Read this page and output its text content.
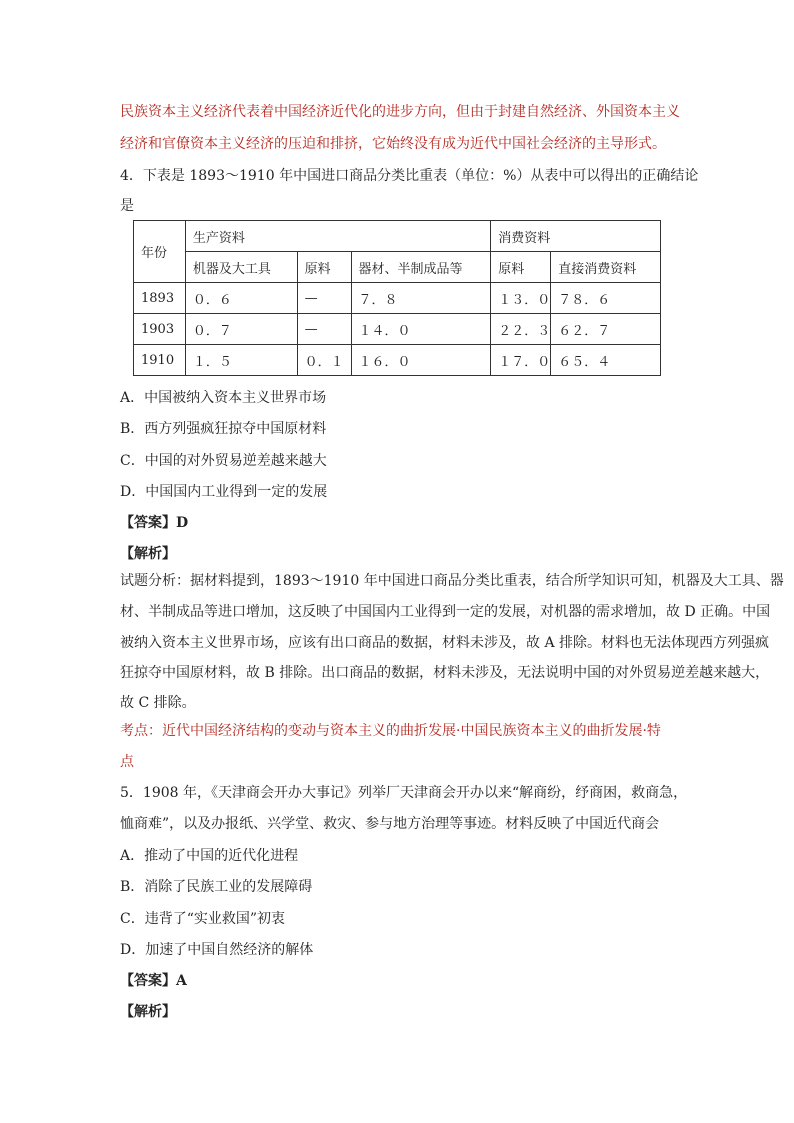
民族资本主义经济代表着中国经济近代化的进步方向，但由于封建自然经济、外国资本主义
经济和官僚资本主义经济的压迫和排挤，它始终没有成为近代中国社会经济的主导形式。
4．下表是 1893～1910 年中国进口商品分类比重表（单位：%）从表中可以得出的正确结论
是
年份	生产资料			消费资料	
	机器及大工具	原料	器材、半制成品等	原料	直接消费资料
1893	０．６	—	７．８	１３．０	７８．６
1903	０．７	—	１４．０	２２．３	６２．７
1910	１．５	０．１	１６．０	１７．０	６５．４
A．中国被纳入资本主义世界市场
B．西方列强疯狂掠夺中国原材料
C．中国的对外贸易逆差越来越大
D．中国国内工业得到一定的发展
【答案】D
【解析】
试题分析：据材料提到，1893～1910 年中国进口商品分类比重表，结合所学知识可知，机器及大工具、器
材、半制成品等进口增加，这反映了中国国内工业得到一定的发展，对机器的需求增加，故 D 正确。中国
被纳入资本主义世界市场，应该有出口商品的数据，材料未涉及，故 A 排除。材料也无法体现西方列强疯
狂掠夺中国原材料，故 B 排除。出口商品的数据，材料未涉及，无法说明中国的对外贸易逆差越来越大，
故 C 排除。
考点：近代中国经济结构的变动与资本主义的曲折发展·中国民族资本主义的曲折发展·特
点
5．1908 年，《天津商会开办大事记》列举厂天津商会开办以来“解商纷，纾商困，救商急，
恤商难”，以及办报纸、兴学堂、救灾、参与地方治理等事迹。材料反映了中国近代商会
A．推动了中国的近代化进程
B．消除了民族工业的发展障碍
C．违背了“实业救国”初衷
D．加速了中国自然经济的解体
【答案】A
【解析】
